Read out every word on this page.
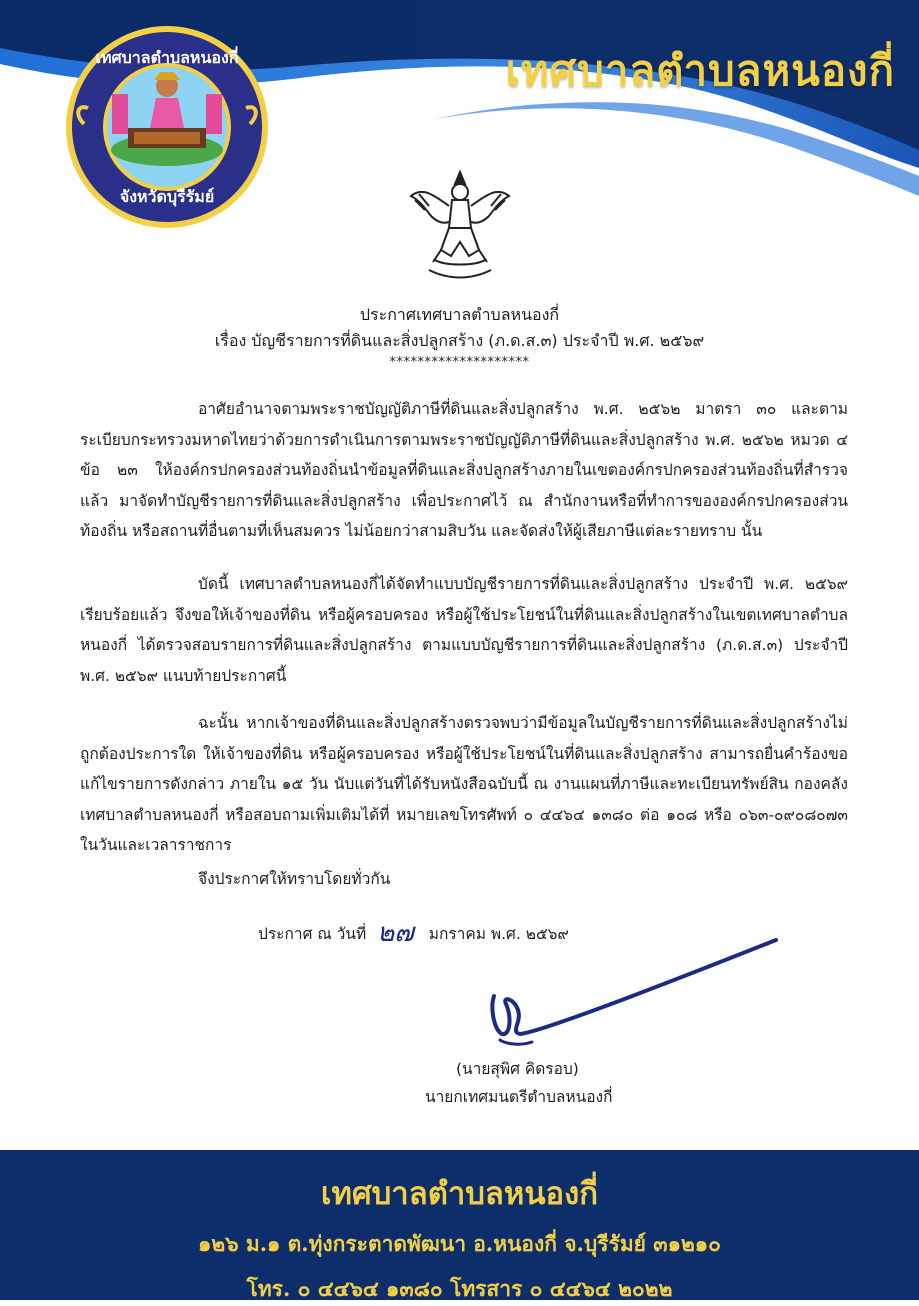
เทศบาลตำบลหนองกี่
เทศบาลตำบลหนองกี่
จังหวัดบุรีรัมย์
ประกาศเทศบาลตำบลหนองกี่
เรื่อง บัญชีรายการที่ดินและสิ่งปลูกสร้าง (ภ.ด.ส.๓) ประจำปี พ.ศ. ๒๕๖๙
********************
อาศัยอำนาจตามพระราชบัญญัติภาษีที่ดินและสิ่งปลูกสร้าง พ.ศ. ๒๕๖๒ มาตรา ๓๐ และตามระเบียบกระทรวงมหาดไทยว่าด้วยการดำเนินการตามพระราชบัญญัติภาษีที่ดินและสิ่งปลูกสร้าง พ.ศ. ๒๕๖๒ หมวด ๔ ข้อ ๒๓ ให้องค์กรปกครองส่วนท้องถิ่นนำข้อมูลที่ดินและสิ่งปลูกสร้างภายในเขตองค์กรปกครองส่วนท้องถิ่นที่สำรวจแล้ว มาจัดทำบัญชีรายการที่ดินและสิ่งปลูกสร้าง เพื่อประกาศไว้ ณ สำนักงานหรือที่ทำการขององค์กรปกครองส่วนท้องถิ่น หรือสถานที่อื่นตามที่เห็นสมควร ไม่น้อยกว่าสามสิบวัน และจัดส่งให้ผู้เสียภาษีแต่ละรายทราบ นั้น
บัดนี้ เทศบาลตำบลหนองกี่ได้จัดทำแบบบัญชีรายการที่ดินและสิ่งปลูกสร้าง ประจำปี พ.ศ. ๒๕๖๙ เรียบร้อยแล้ว จึงขอให้เจ้าของที่ดิน หรือผู้ครอบครอง หรือผู้ใช้ประโยชน์ในที่ดินและสิ่งปลูกสร้างในเขตเทศบาลตำบลหนองกี่ ได้ตรวจสอบรายการที่ดินและสิ่งปลูกสร้าง ตามแบบบัญชีรายการที่ดินและสิ่งปลูกสร้าง (ภ.ด.ส.๓) ประจำปี พ.ศ. ๒๕๖๙ แนบท้ายประกาศนี้
ฉะนั้น หากเจ้าของที่ดินและสิ่งปลูกสร้างตรวจพบว่ามีข้อมูลในบัญชีรายการที่ดินและสิ่งปลูกสร้างไม่ถูกต้องประการใด ให้เจ้าของที่ดิน หรือผู้ครอบครอง หรือผู้ใช้ประโยชน์ในที่ดินและสิ่งปลูกสร้าง สามารถยื่นคำร้องขอแก้ไขรายการดังกล่าว ภายใน ๑๕ วัน นับแต่วันที่ได้รับหนังสือฉบับนี้ ณ งานแผนที่ภาษีและทะเบียนทรัพย์สิน กองคลัง เทศบาลตำบลหนองกี่ หรือสอบถามเพิ่มเติมได้ที่ หมายเลขโทรศัพท์ ๐ ๔๔๖๔ ๑๓๘๐ ต่อ ๑๐๘ หรือ ๐๖๓-๐๙๐๘๐๗๓ ในวันและเวลาราชการ
จึงประกาศให้ทราบโดยทั่วกัน
ประกาศ ณ วันที่ ๒๗ มกราคม พ.ศ. ๒๕๖๙
(นายสุพิศ คิดรอบ)
นายกเทศมนตรีตำบลหนองกี่
เทศบาลตำบลหนองกี่
๑๒๖ ม.๑ ต.ทุ่งกระตาดพัฒนา อ.หนองกี่ จ.บุรีรัมย์ ๓๑๒๑๐
โทร. ๐ ๔๔๖๔ ๑๓๘๐ โทรสาร ๐ ๔๔๖๔ ๒๐๒๒
